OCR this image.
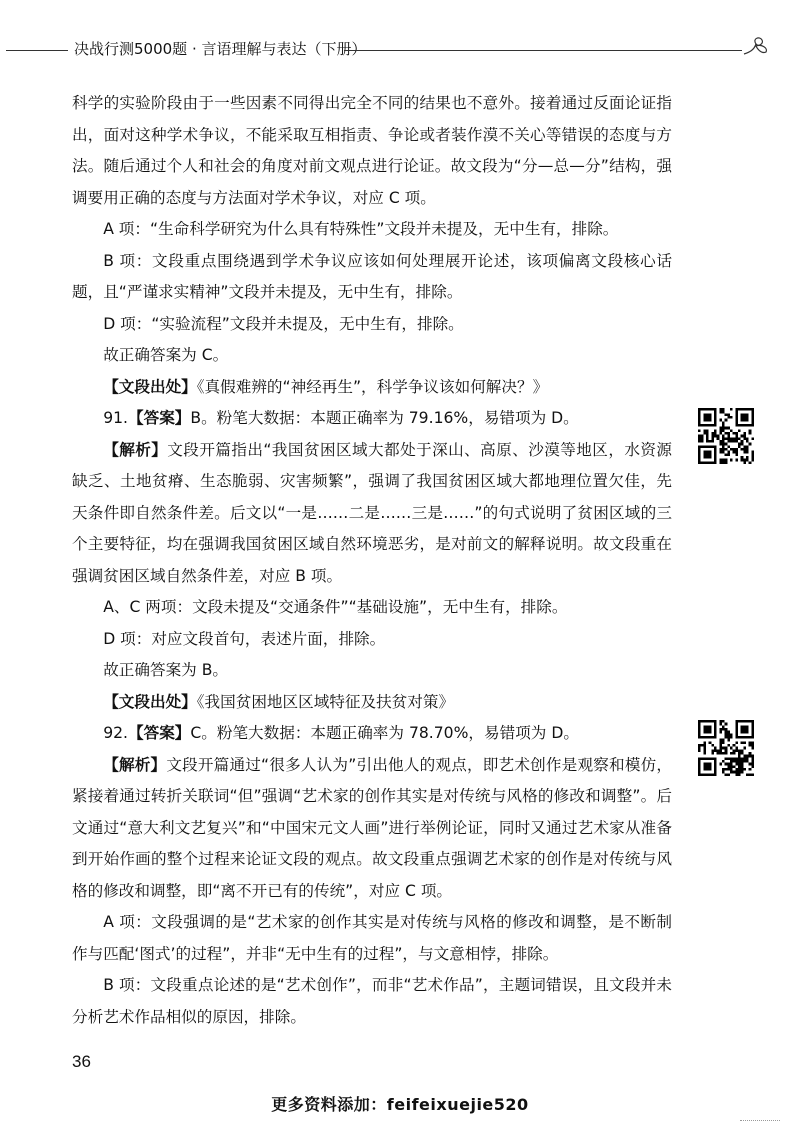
决战行测5000题 · 言语理解与表达（下册）

科学的实验阶段由于一些因素不同得出完全不同的结果也不意外。接着通过反面论证指出，面对这种学术争议，不能采取互相指责、争论或者装作漠不关心等错误的态度与方法。随后通过个人和社会的角度对前文观点进行论证。故文段为“分—总—分”结构，强调要用正确的态度与方法面对学术争议，对应 C 项。

A 项：“生命科学研究为什么具有特殊性”文段并未提及，无中生有，排除。

B 项：文段重点围绕遇到学术争议应该如何处理展开论述，该项偏离文段核心话题，且“严谨求实精神”文段并未提及，无中生有，排除。

D 项：“实验流程”文段并未提及，无中生有，排除。

故正确答案为 C。

【文段出处】《真假难辨的“神经再生”，科学争议该如何解决？》

91.【答案】B。粉笔大数据：本题正确率为 79.16%，易错项为 D。

【解析】文段开篇指出“我国贫困区域大都处于深山、高原、沙漠等地区，水资源缺乏、土地贫瘠、生态脆弱、灾害频繁”，强调了我国贫困区域大都地理位置欠佳，先天条件即自然条件差。后文以“一是……二是……三是……”的句式说明了贫困区域的三个主要特征，均在强调我国贫困区域自然环境恶劣，是对前文的解释说明。故文段重在强调贫困区域自然条件差，对应 B 项。

A、C 两项：文段未提及“交通条件”“基础设施”，无中生有，排除。

D 项：对应文段首句，表述片面，排除。

故正确答案为 B。

【文段出处】《我国贫困地区区域特征及扶贫对策》

92.【答案】C。粉笔大数据：本题正确率为 78.70%，易错项为 D。

【解析】文段开篇通过“很多人认为”引出他人的观点，即艺术创作是观察和模仿，紧接着通过转折关联词“但”强调“艺术家的创作其实是对传统与风格的修改和调整”。后文通过“意大利文艺复兴”和“中国宋元文人画”进行举例论证，同时又通过艺术家从准备到开始作画的整个过程来论证文段的观点。故文段重点强调艺术家的创作是对传统与风格的修改和调整，即“离不开已有的传统”，对应 C 项。

A 项：文段强调的是“艺术家的创作其实是对传统与风格的修改和调整，是不断制作与匹配‘图式’的过程”，并非“无中生有的过程”，与文意相悖，排除。

B 项：文段重点论述的是“艺术创作”，而非“艺术作品”，主题词错误，且文段并未分析艺术作品相似的原因，排除。

36
更多资料添加：feifeixuejie520
